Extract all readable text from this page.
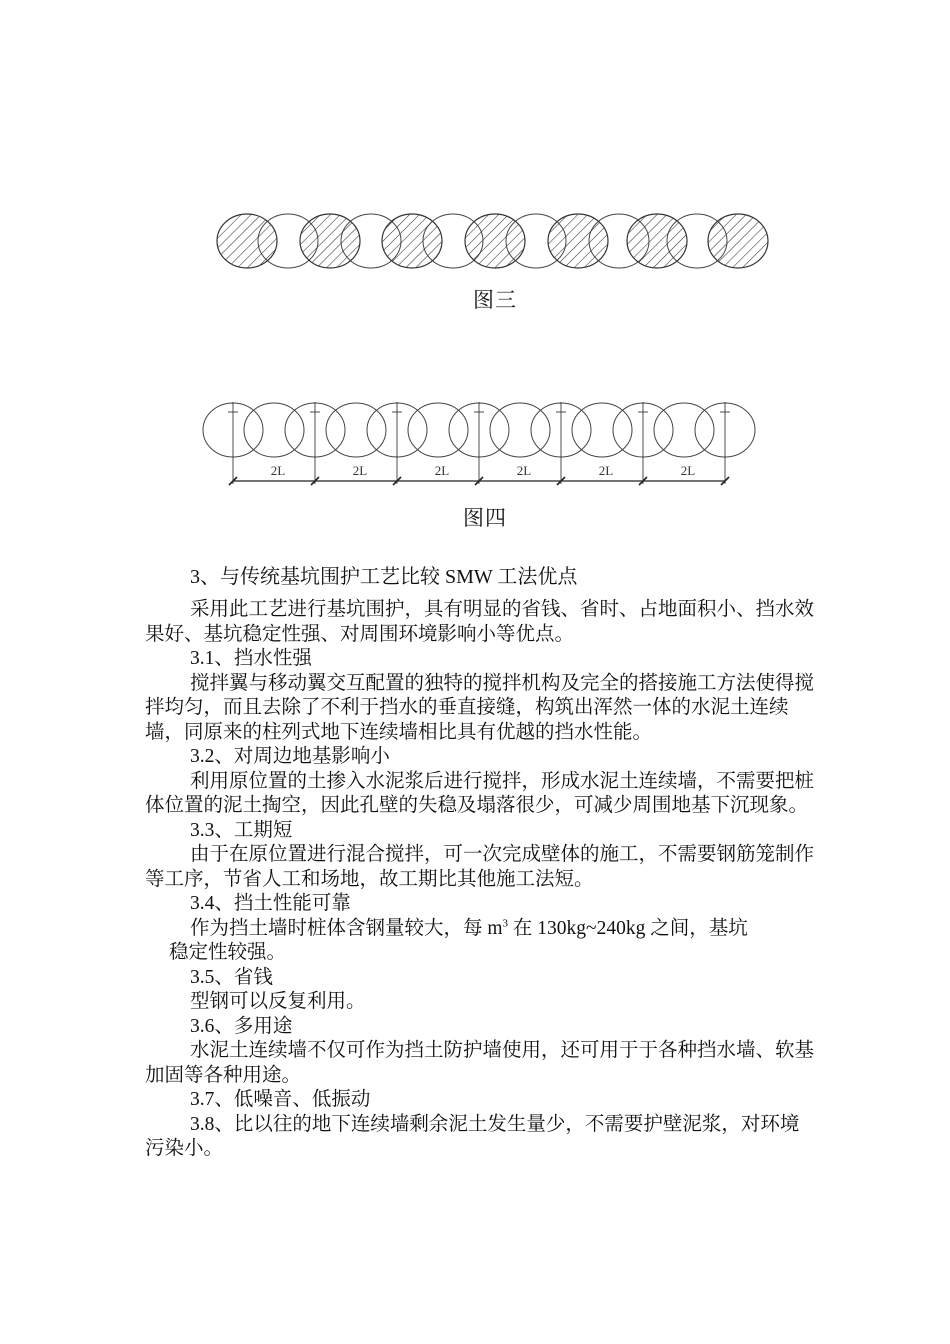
图三
2L	2L	2L	2L	2L	2L
图四
3、与传统基坑围护工艺比较 SMW 工法优点

采用此工艺进行基坑围护，具有明显的省钱、省时、占地面积小、挡水效果好、基坑稳定性强、对周围环境影响小等优点。

3.1、挡水性强

搅拌翼与移动翼交互配置的独特的搅拌机构及完全的搭接施工方法使得搅拌均匀，而且去除了不利于挡水的垂直接缝，构筑出浑然一体的水泥土连续墙，同原来的柱列式地下连续墙相比具有优越的挡水性能。

3.2、对周边地基影响小

利用原位置的土掺入水泥浆后进行搅拌，形成水泥土连续墙，不需要把桩体位置的泥土掏空，因此孔壁的失稳及塌落很少，可减少周围地基下沉现象。

3.3、工期短

由于在原位置进行混合搅拌，可一次完成壁体的施工，不需要钢筋笼制作等工序，节省人工和场地，故工期比其他施工法短。

3.4、挡土性能可靠

作为挡土墙时桩体含钢量较大，每 $m^3$ 在 130kg~240kg 之间，基坑

稳定性较强。

3.5、省钱

型钢可以反复利用。

3.6、多用途

水泥土连续墙不仅可作为挡土防护墙使用，还可用于于各种挡水墙、软基加固等各种用途。

3.7、低噪音、低振动

3.8、比以往的地下连续墙剩余泥土发生量少，不需要护壁泥浆，对环境污染小。
